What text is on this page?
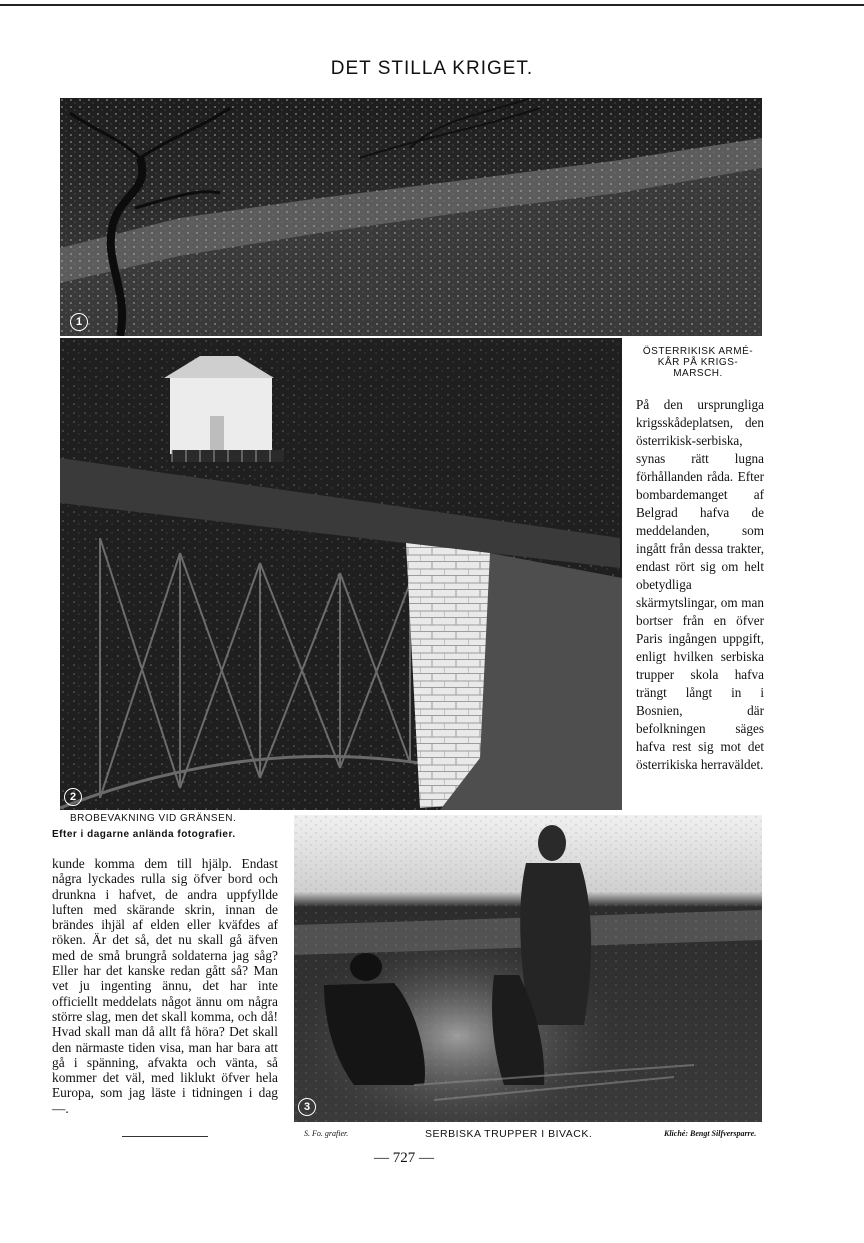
DET STILLA KRIGET.
1
2
ÖSTERRIKISK ARMÉ-
KÅR PÅ KRIGS-
MARSCH.
På den ursprungliga krigsskådeplatsen, den österrikisk-serbiska, synas rätt lugna förhållanden råda. Efter bombardemanget af Belgrad hafva de meddelanden, som ingått från dessa trakter, endast rört sig om helt obetydliga skärmytslingar, om man bortser från en öfver Paris ingången uppgift, enligt hvilken serbiska trupper skola hafva trängt långt in i Bosnien, där befolkningen säges hafva rest sig mot det österrikiska herraväldet.
BROBEVAKNING VID GRÄNSEN.
Efter i dagarne anlända fotografier.
kunde komma dem till hjälp. Endast några lyckades rulla sig öfver bord och drunkna i hafvet, de andra uppfyllde luften med skärande skrin, innan de brändes ihjäl af elden eller kväfdes af röken. Är det så, det nu skall gå äfven med de små brungrå soldaterna jag såg? Eller har det kanske redan gått så? Man vet ju ingenting ännu, det har inte officiellt meddelats något ännu om några större slag, men det skall komma, och då! Hvad skall man då allt få höra? Det skall den närmaste tiden visa, man har bara att gå i spänning, afvakta och vänta, så kommer det väl, med liklukt öfver hela Europa, som jag läste i tidningen i dag —.	3
S. Fo. grafier.	SERBISKA TRUPPER I BIVACK.	Kliché: Bengt Silfversparre.
— 727 —
